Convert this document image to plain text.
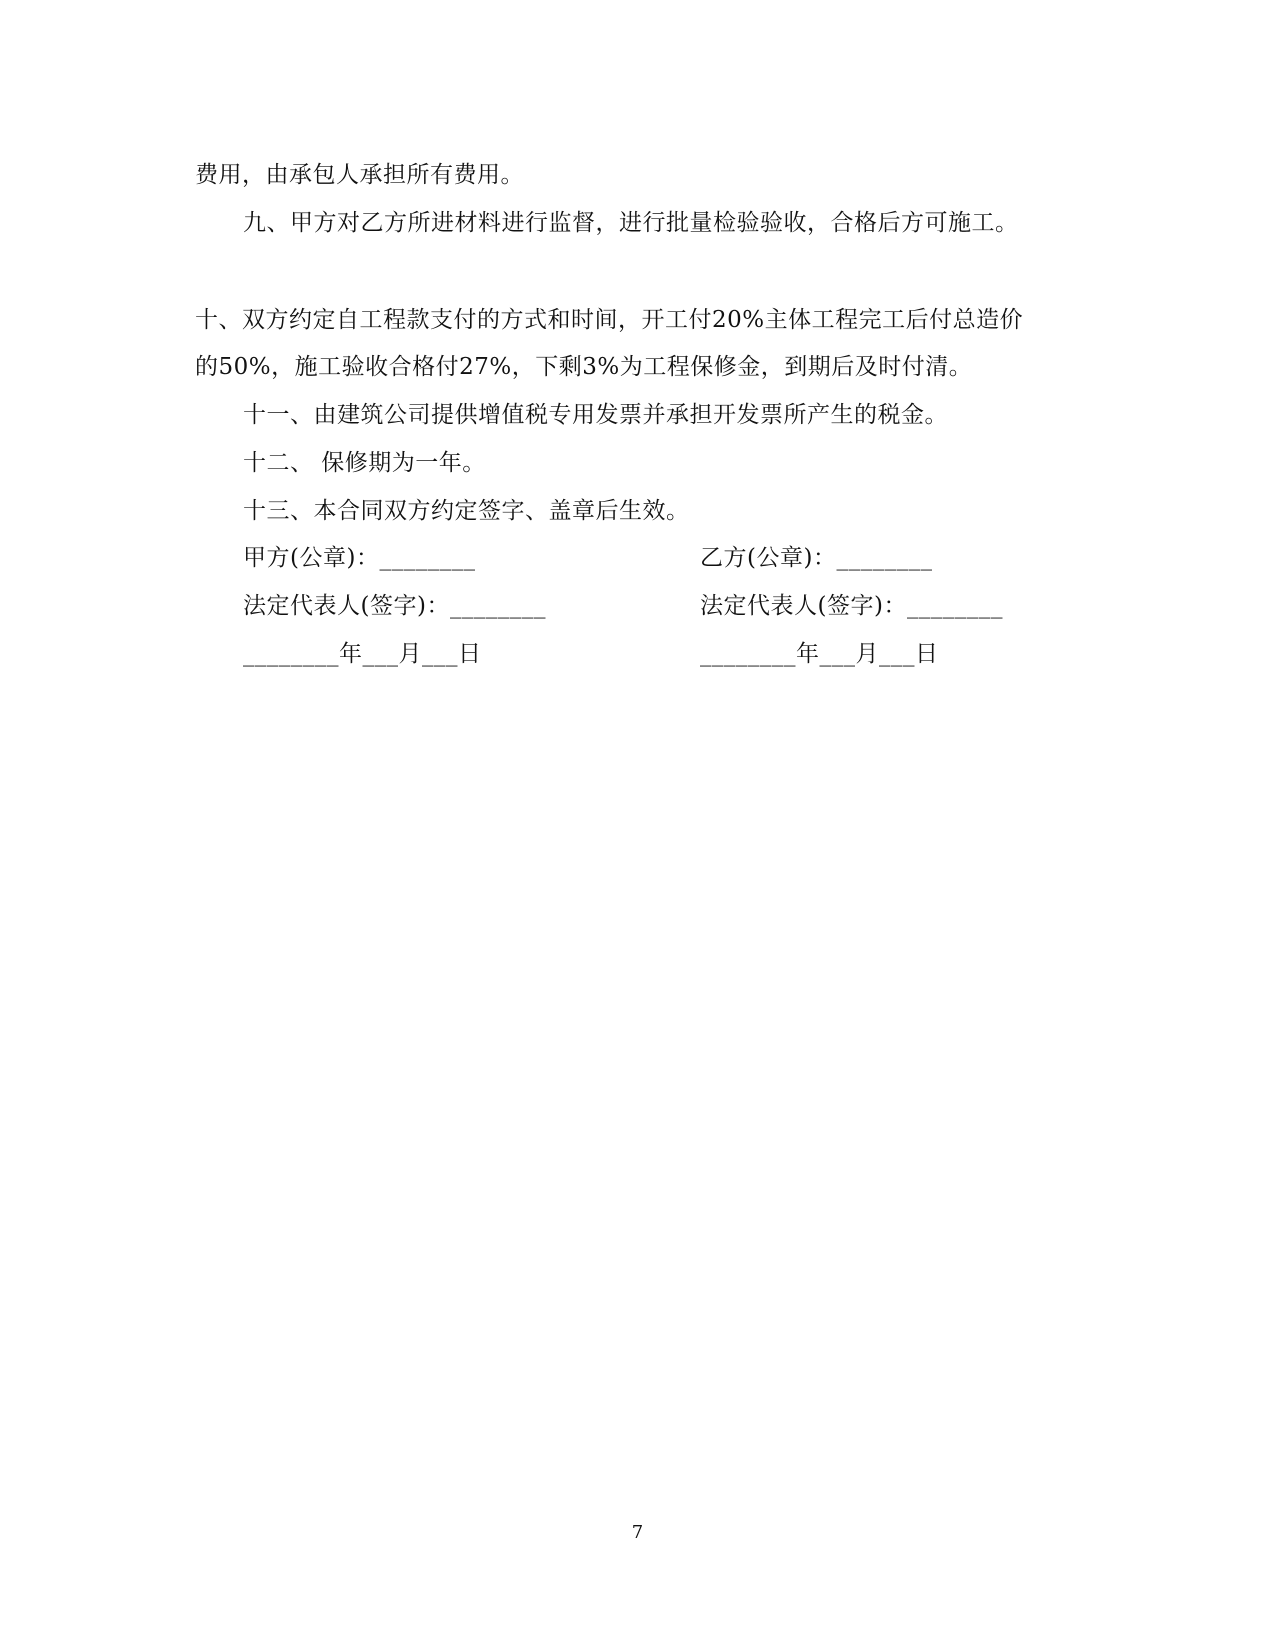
费用，由承包人承担所有费用。
九、甲方对乙方所进材料进行监督，进行批量检验验收，合格后方可施工。
十、双方约定自工程款支付的方式和时间，开工付20%主体工程完工后付总造价
的50%，施工验收合格付27%，下剩3%为工程保修金，到期后及时付清。
十一、由建筑公司提供增值税专用发票并承担开发票所产生的税金。
十二、 保修期为一年。
十三、本合同双方约定签字、盖章后生效。
甲方(公章)：________	乙方(公章)：________
法定代表人(签字)：________	法定代表人(签字)：________
________年___月___日	________年___月___日
7
